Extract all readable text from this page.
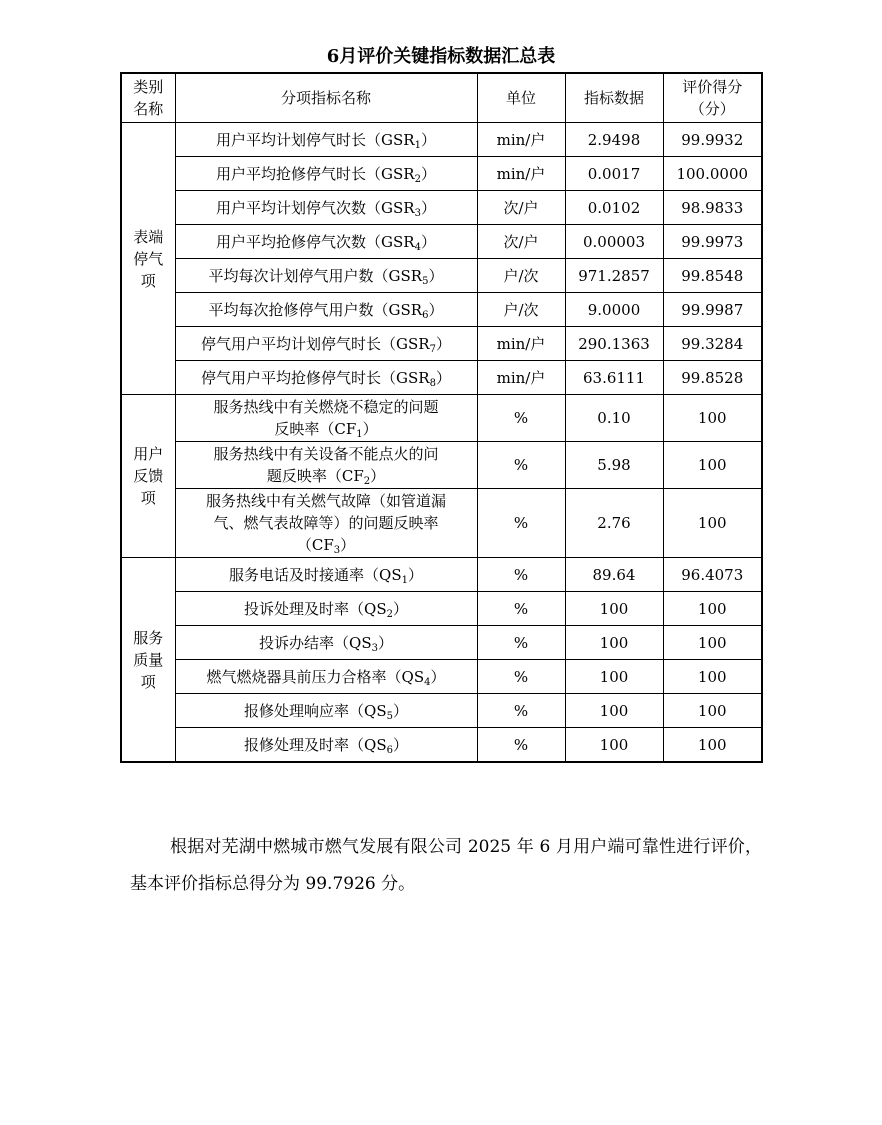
6月评价关键指标数据汇总表
类别
名称	分项指标名称	单位	指标数据	评价得分
（分）
表端
停气
项	用户平均计划停气时长$(GSR_1)$	min/户	2.9498	99.9932
	用户平均抢修停气时长$(GSR_2)$	min/户	0.0017	100.0000
	用户平均计划停气次数$(GSR_3)$	次/户	0.0102	98.9833
	用户平均抢修停气次数$(GSR_4)$	次/户	0.00003	99.9973
	平均每次计划停气用户数$(GSR_5)$	户/次	971.2857	99.8548
	平均每次抢修停气用户数$(GSR_6)$	户/次	9.0000	99.9987
	停气用户平均计划停气时长$(GSR_7)$	min/户	290.1363	99.3284
	停气用户平均抢修停气时长$(GSR_8)$	min/户	63.6111	99.8528
用户
反馈
项	服务热线中有关燃烧不稳定的问题
反映率$(CF_1)$	%	0.10	100
	服务热线中有关设备不能点火的问
题反映率$(CF_2)$	%	5.98	100
	服务热线中有关燃气故障（如管道漏
气、燃气表故障等）的问题反映率
$(CF_3)$	%	2.76	100
服务
质量
项	服务电话及时接通率$(QS_1)$	%	89.64	96.4073
	投诉处理及时率$(QS_2)$	%	100	100
	投诉办结率$(QS_3)$	%	100	100
	燃气燃烧器具前压力合格率$(QS_4)$	%	100	100
	报修处理响应率$(QS_5)$	%	100	100
	报修处理及时率$(QS_6)$	%	100	100

根据对芜湖中燃城市燃气发展有限公司 2025 年 6 月用户端可靠性进行评价，基本评价指标总得分为 99.7926 分。
